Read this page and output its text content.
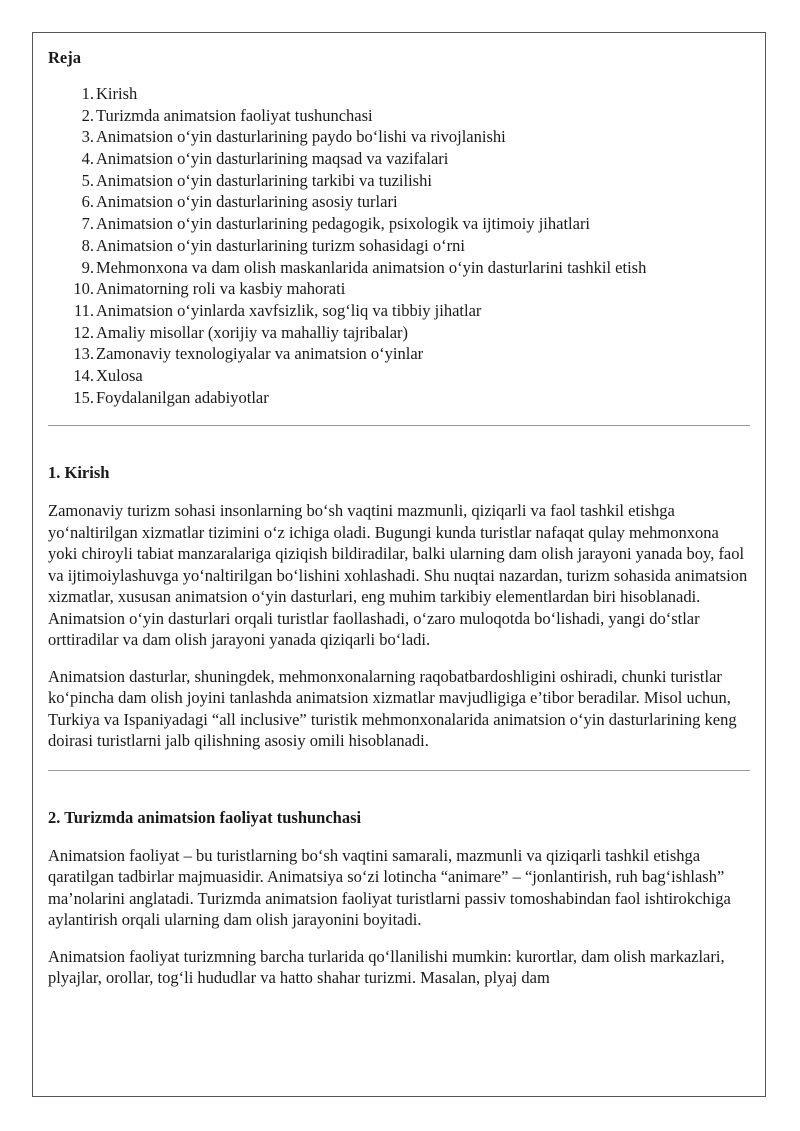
Reja
1. Kirish
2. Turizmda animatsion faoliyat tushunchasi
3. Animatsion o‘yin dasturlarining paydo bo‘lishi va rivojlanishi
4. Animatsion o‘yin dasturlarining maqsad va vazifalari
5. Animatsion o‘yin dasturlarining tarkibi va tuzilishi
6. Animatsion o‘yin dasturlarining asosiy turlari
7. Animatsion o‘yin dasturlarining pedagogik, psixologik va ijtimoiy jihatlari
8. Animatsion o‘yin dasturlarining turizm sohasidagi o‘rni
9. Mehmonxona va dam olish maskanlarida animatsion o‘yin dasturlarini tashkil etish
10. Animatorning roli va kasbiy mahorati
11. Animatsion o‘yinlarda xavfsizlik, sog‘liq va tibbiy jihatlar
12. Amaliy misollar (xorijiy va mahalliy tajribalar)
13. Zamonaviy texnologiyalar va animatsion o‘yinlar
14. Xulosa
15. Foydalanilgan adabiyotlar
1. Kirish

Zamonaviy turizm sohasi insonlarning bo‘sh vaqtini mazmunli, qiziqarli va faol tashkil etishga yo‘naltirilgan xizmatlar tizimini o‘z ichiga oladi. Bugungi kunda turistlar nafaqat qulay mehmonxona yoki chiroyli tabiat manzaralariga qiziqish bildiradilar, balki ularning dam olish jarayoni yanada boy, faol va ijtimoiylashuvga yo‘naltirilgan bo‘lishini xohlashadi. Shu nuqtai nazardan, turizm sohasida animatsion xizmatlar, xususan animatsion o‘yin dasturlari, eng muhim tarkibiy elementlardan biri hisoblanadi. Animatsion o‘yin dasturlari orqali turistlar faollashadi, o‘zaro muloqotda bo‘lishadi, yangi do‘stlar orttiradilar va dam olish jarayoni yanada qiziqarli bo‘ladi.

Animatsion dasturlar, shuningdek, mehmonxonalarning raqobatbardoshligini oshiradi, chunki turistlar ko‘pincha dam olish joyini tanlashda animatsion xizmatlar mavjudligiga e’tibor beradilar. Misol uchun, Turkiya va Ispaniyadagi “all inclusive” turistik mehmonxonalarida animatsion o‘yin dasturlarining keng doirasi turistlarni jalb qilishning asosiy omili hisoblanadi.

2. Turizmda animatsion faoliyat tushunchasi

Animatsion faoliyat – bu turistlarning bo‘sh vaqtini samarali, mazmunli va qiziqarli tashkil etishga qaratilgan tadbirlar majmuasidir. Animatsiya so‘zi lotincha “animare” – “jonlantirish, ruh bag‘ishlash” ma’nolarini anglatadi. Turizmda animatsion faoliyat turistlarni passiv tomoshabindan faol ishtirokchiga aylantirish orqali ularning dam olish jarayonini boyitadi.

Animatsion faoliyat turizmning barcha turlarida qo‘llanilishi mumkin: kurortlar, dam olish markazlari, plyajlar, orollar, tog‘li hududlar va hatto shahar turizmi. Masalan, plyaj dam
